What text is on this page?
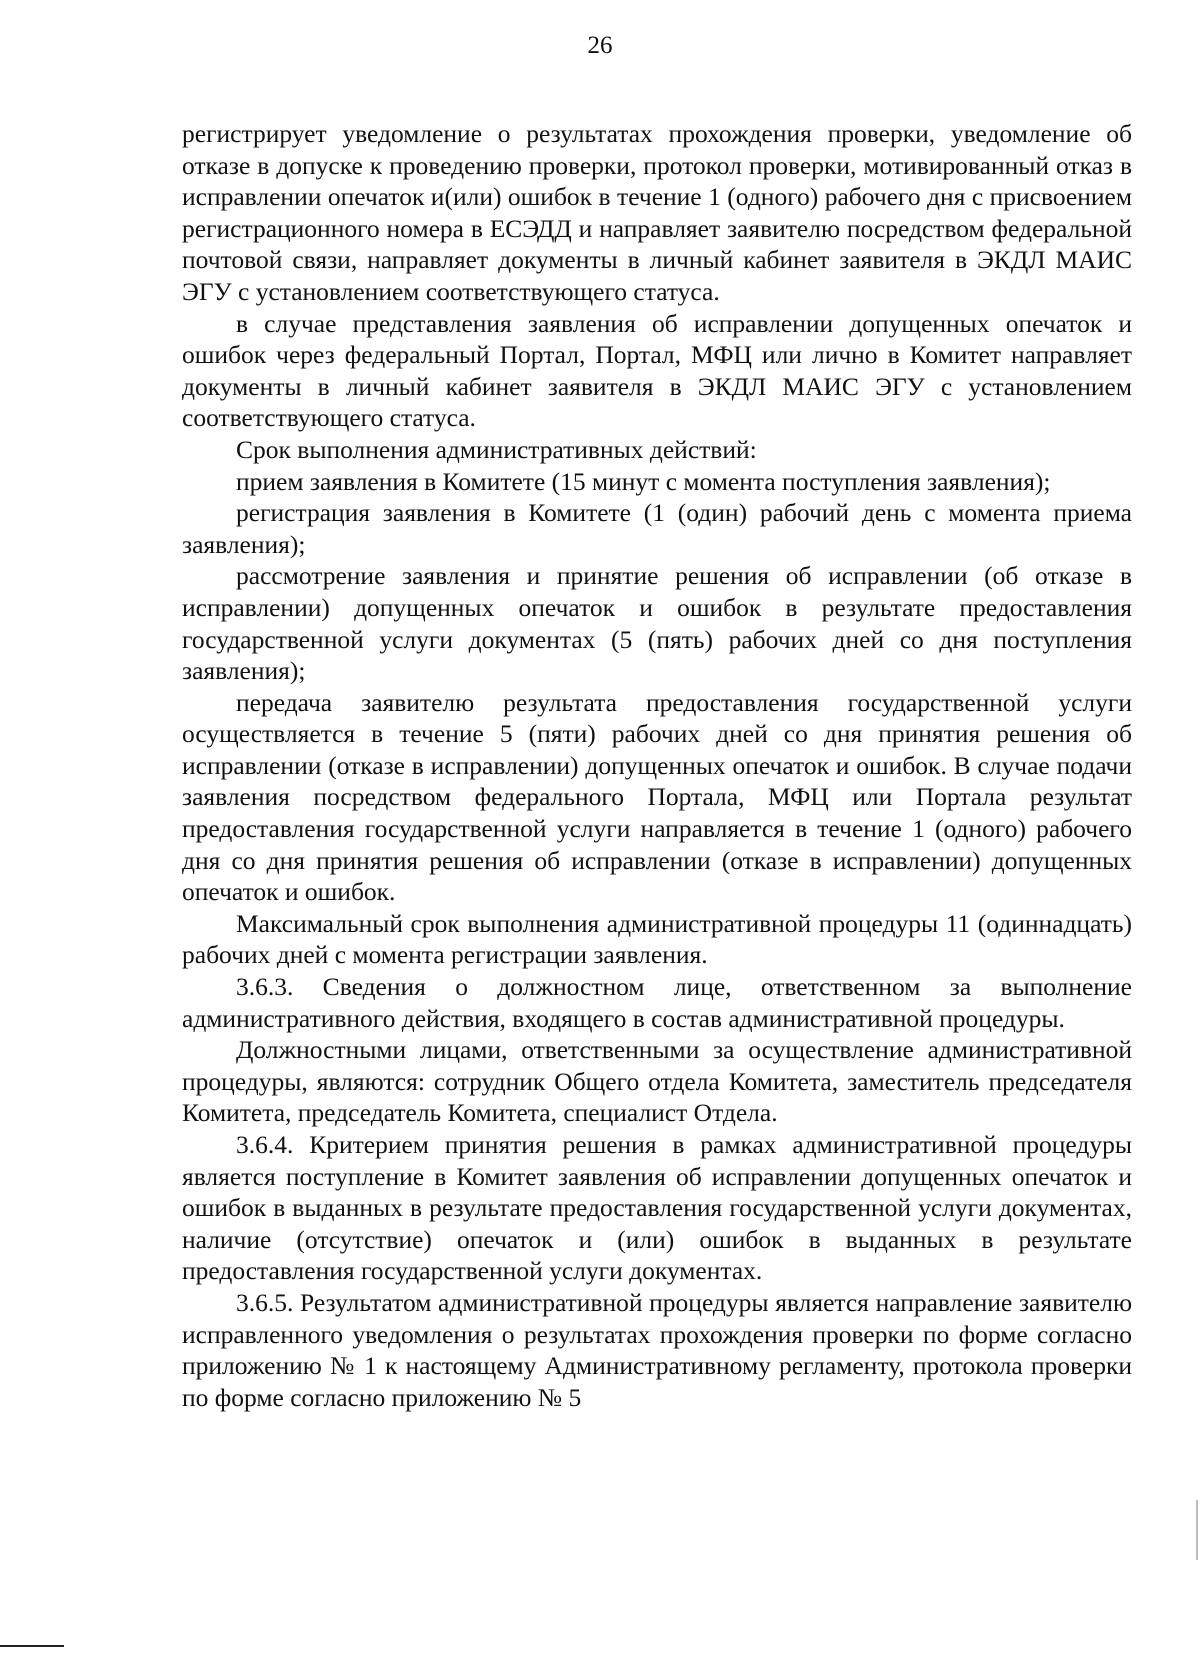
26

регистрирует уведомление о результатах прохождения проверки, уведомление об отказе в допуске к проведению проверки, протокол проверки, мотивированный отказ в исправлении опечаток и(или) ошибок в течение 1 (одного) рабочего дня с присвоением регистрационного номера в ЕСЭДД и направляет заявителю посредством федеральной почтовой связи, направляет документы в личный кабинет заявителя в ЭКДЛ МАИС ЭГУ с установлением соответствующего статуса.

в случае представления заявления об исправлении допущенных опечаток и ошибок через федеральный Портал, Портал, МФЦ или лично в Комитет направляет документы в личный кабинет заявителя в ЭКДЛ МАИС ЭГУ с установлением соответствующего статуса.

Срок выполнения административных действий:

прием заявления в Комитете (15 минут с момента поступления заявления);

регистрация заявления в Комитете (1 (один) рабочий день с момента приема заявления);

рассмотрение заявления и принятие решения об исправлении (об отказе в исправлении) допущенных опечаток и ошибок в результате предоставления государственной услуги документах (5 (пять) рабочих дней со дня поступления заявления);

передача заявителю результата предоставления государственной услуги осуществляется в течение 5 (пяти) рабочих дней со дня принятия решения об исправлении (отказе в исправлении) допущенных опечаток и ошибок. В случае подачи заявления посредством федерального Портала, МФЦ или Портала результат предоставления государственной услуги направляется в течение 1 (одного) рабочего дня со дня принятия решения об исправлении (отказе в исправлении) допущенных опечаток и ошибок.

Максимальный срок выполнения административной процедуры 11 (одиннадцать) рабочих дней с момента регистрации заявления.

3.6.3. Сведения о должностном лице, ответственном за выполнение административного действия, входящего в состав административной процедуры.

Должностными лицами, ответственными за осуществление административной процедуры, являются: сотрудник Общего отдела Комитета, заместитель председателя Комитета, председатель Комитета, специалист Отдела.

3.6.4. Критерием принятия решения в рамках административной процедуры является поступление в Комитет заявления об исправлении допущенных опечаток и ошибок в выданных в результате предоставления государственной услуги документах, наличие (отсутствие) опечаток и (или) ошибок в выданных в результате предоставления государственной услуги документах.

3.6.5. Результатом административной процедуры является направление заявителю исправленного уведомления о результатах прохождения проверки по форме согласно приложению № 1 к настоящему Административному регламенту, протокола проверки по форме согласно приложению № 5
